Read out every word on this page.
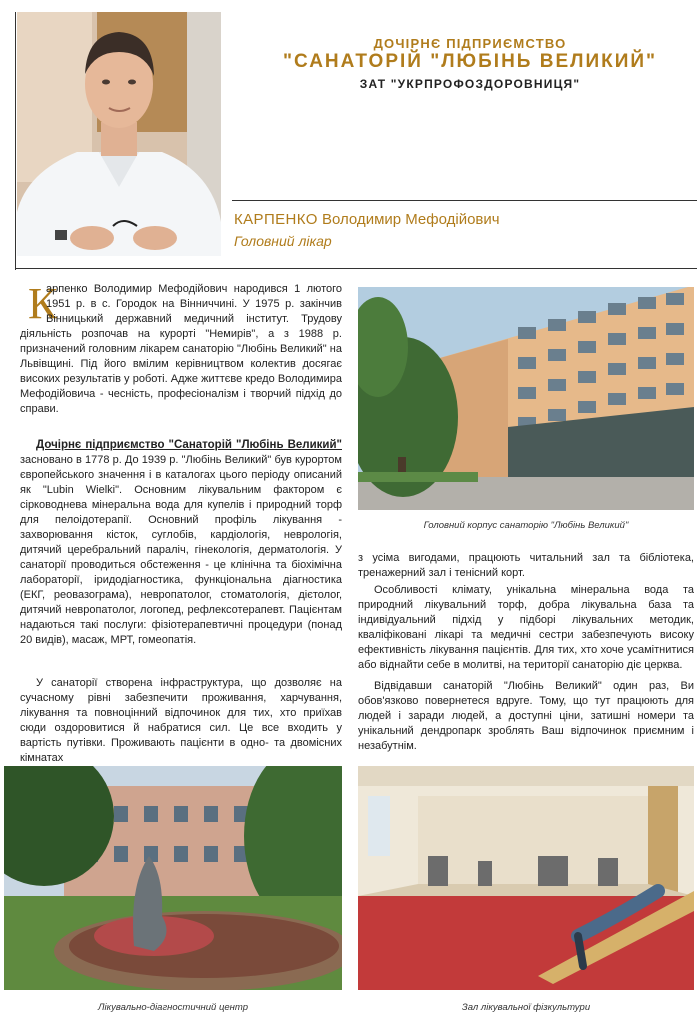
ДОЧІРНЄ ПІДПРИЄМСТВО
"САНАТОРІЙ "ЛЮБІНЬ ВЕЛИКИЙ"
ЗАТ "УКРПРОФОЗДОРОВНИЦЯ"
КАРПЕНКО Володимир Мефодійович
Головний лікар
К

арпенко Володимир Мефодійович народився 1 лютого 1951 р. в с. Городок на Вінниччині. У 1975 р. закінчив Вінницький державний медичний інститут. Трудову діяльність розпочав на курорті "Немирів", а з 1988 р. призначений головним лікарем санаторію "Любінь Великий" на Львівщині. Під його вмілим керівництвом колектив досягає високих результатів у роботі. Адже життєве кредо Володимира Мефодійовича - чесність, професіоналізм і творчий підхід до справи.

Дочірнє підприємство "Санаторій "Любінь Великий" засновано в 1778 р. До 1939 р. "Любінь Великий" був курортом європейського значення і в каталогах цього періоду описаний як "Lubin Wielki". Основним лікувальним фактором є сірководнева мінеральна вода для купелів і природний торф для пелоідотерапії. Основний профіль лікування - захворювання кісток, суглобів, кардіологія, неврологія, дитячий церебральний параліч, гінекологія, дерматологія. У санаторії проводиться обстеження - це клінічна та біохімічна лабораторії, іридодіагностика, функціональна діагностика (ЕКГ, реовазограма), невропатолог, стоматологія, дієтолог, дитячий невропатолог, логопед, рефлексотерапевт. Пацієнтам надаються такі послуги: фізіотерапевтичні процедури (понад 20 видів), масаж, МРТ, гомеопатія.

У санаторії створена інфраструктура, що дозволяє на сучасному рівні забезпечити проживання, харчування, лікування та повноцінний відпочинок для тих, хто приїхав сюди оздоровитися й набратися сил. Це все входить у вартість путівки. Проживають пацієнти в одно- та двомісних кімнатах

з усіма вигодами, працюють читальний зал та бібліотека, тренажерний зал і тенісний корт.

Особливості клімату, унікальна мінеральна вода та природний лікувальний торф, добра лікувальна база та індивідуальний підхід у підборі лікувальних методик, кваліфіковані лікарі та медичні сестри забезпечують високу ефективність лікування пацієнтів. Для тих, хто хоче усамітнитися або віднайти себе в молитві, на території санаторію діє церква.

Відвідавши санаторій "Любінь Великий" один раз, Ви обов'язково повернетеся вдруге. Тому, що тут працюють для людей і заради людей, а доступні ціни, затишні номери та унікальний дендропарк зроблять Ваш відпочинок приємним і незабутнім.

Головний корпус санаторію "Любінь Великий"
Лікувально-діагностичний центр	Зал лікувальної фізкультури
